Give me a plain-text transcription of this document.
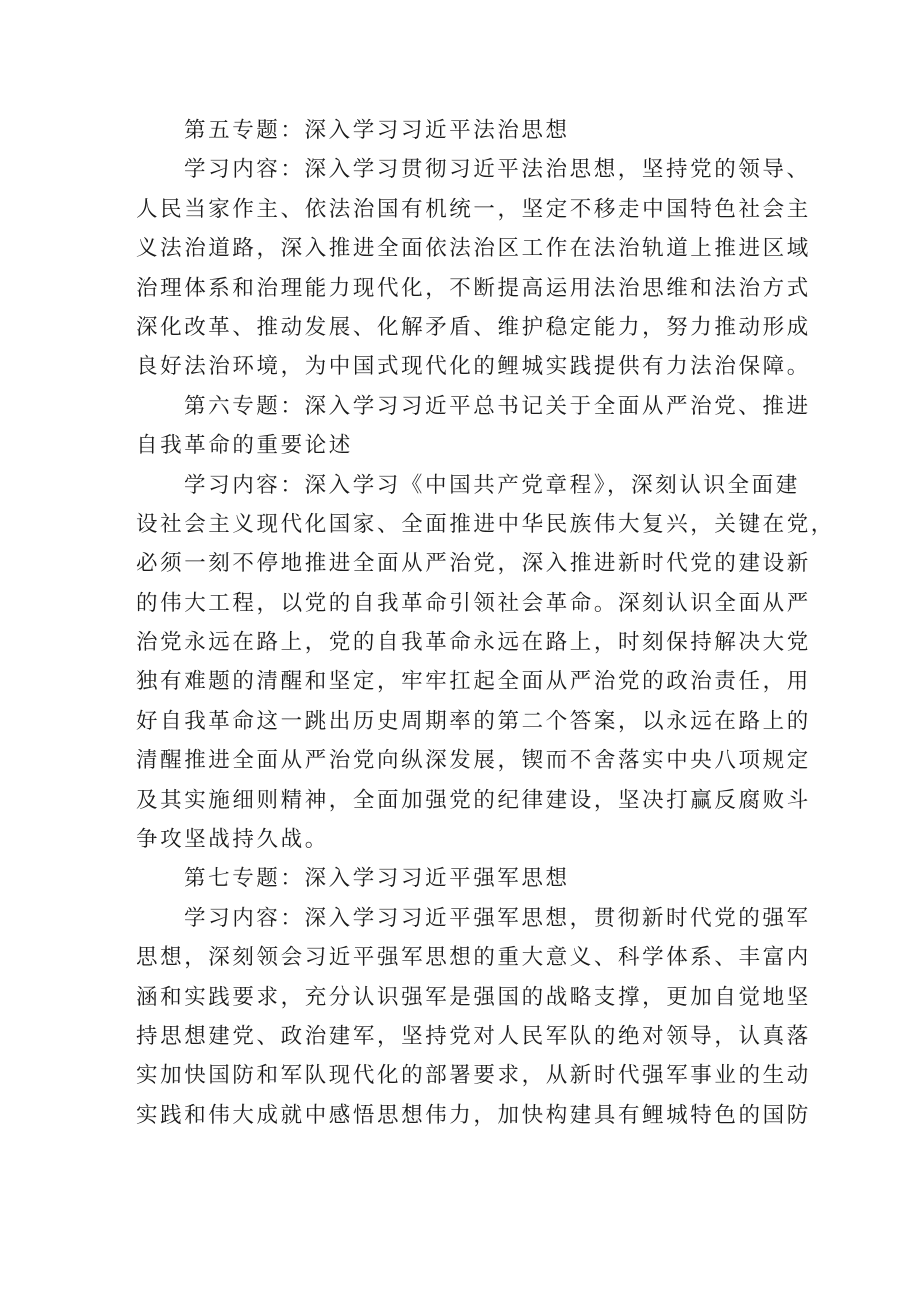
第五专题：深入学习习近平法治思想
学习内容：深入学习贯彻习近平法治思想，坚持党的领导、
人民当家作主、依法治国有机统一，坚定不移走中国特色社会主
义法治道路，深入推进全面依法治区工作在法治轨道上推进区域
治理体系和治理能力现代化，不断提高运用法治思维和法治方式
深化改革、推动发展、化解矛盾、维护稳定能力，努力推动形成
良好法治环境，为中国式现代化的鲤城实践提供有力法治保障。
第六专题：深入学习习近平总书记关于全面从严治党、推进
自我革命的重要论述
学习内容：深入学习《中国共产党章程》，深刻认识全面建
设社会主义现代化国家、全面推进中华民族伟大复兴，关键在党，
必须一刻不停地推进全面从严治党，深入推进新时代党的建设新
的伟大工程，以党的自我革命引领社会革命。深刻认识全面从严
治党永远在路上，党的自我革命永远在路上，时刻保持解决大党
独有难题的清醒和坚定，牢牢扛起全面从严治党的政治责任，用
好自我革命这一跳出历史周期率的第二个答案，以永远在路上的
清醒推进全面从严治党向纵深发展，锲而不舍落实中央八项规定
及其实施细则精神，全面加强党的纪律建设，坚决打赢反腐败斗
争攻坚战持久战。
第七专题：深入学习习近平强军思想
学习内容：深入学习习近平强军思想，贯彻新时代党的强军
思想，深刻领会习近平强军思想的重大意义、科学体系、丰富内
涵和实践要求，充分认识强军是强国的战略支撑，更加自觉地坚
持思想建党、政治建军，坚持党对人民军队的绝对领导，认真落
实加快国防和军队现代化的部署要求，从新时代强军事业的生动
实践和伟大成就中感悟思想伟力，加快构建具有鲤城特色的国防
